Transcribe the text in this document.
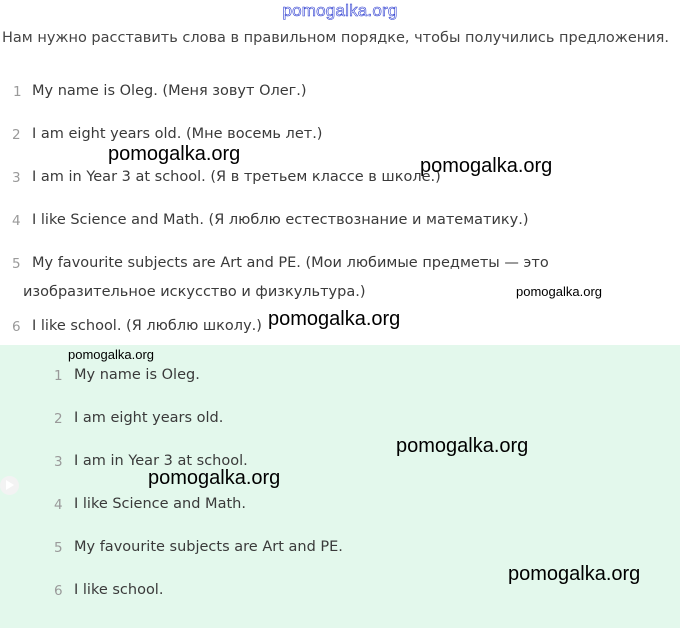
pomogalka.org

Нам нужно расставить слова в правильном порядке, чтобы получились предложения.

1 My name is Oleg. (Меня зовут Олег.)
2 I am eight years old. (Мне восемь лет.)
3 I am in Year 3 at school. (Я в третьем классе в школе.)
4 I like Science and Math. (Я люблю естествознание и математику.)
5 My favourite subjects are Art and PE. (Мои любимые предметы — это
изобразительное искусство и физкультура.)
6 I like school. (Я люблю школу.)
1 My name is Oleg.
2 I am eight years old.
3 I am in Year 3 at school.
4 I like Science and Math.
5 My favourite subjects are Art and PE.
6 I like school.
pomogalka.org
pomogalka.org
pomogalka.org
pomogalka.org
pomogalka.org
pomogalka.org
pomogalka.org
pomogalka.org
